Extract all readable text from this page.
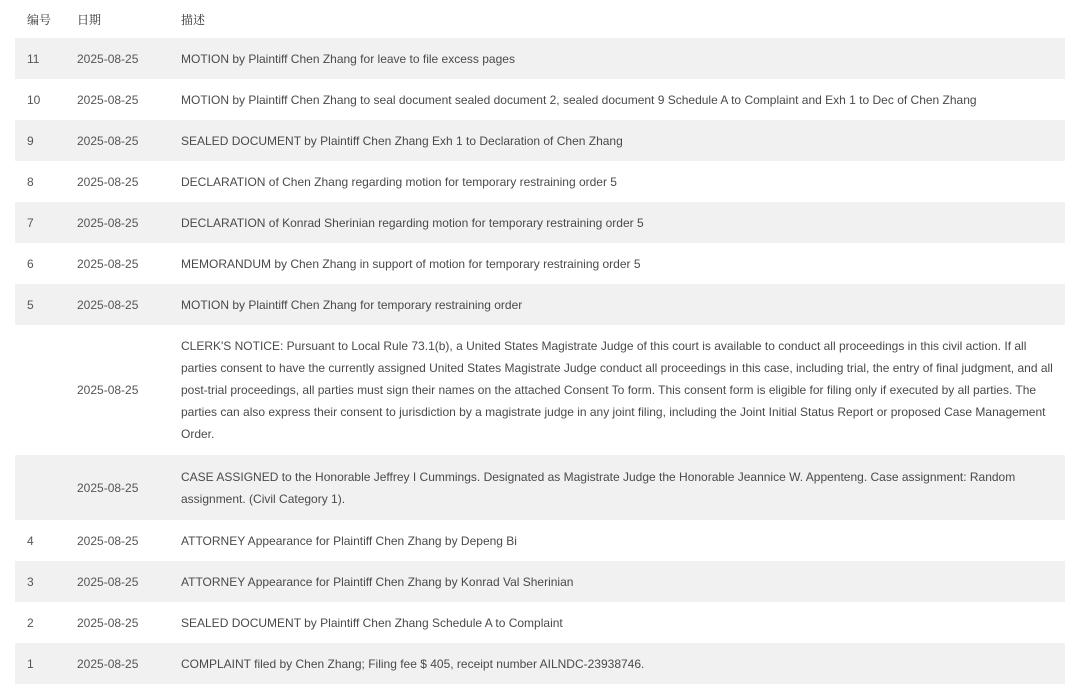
编号	日期	描述
11	2025-08-25	MOTION by Plaintiff Chen Zhang for leave to file excess pages
10	2025-08-25	MOTION by Plaintiff Chen Zhang to seal document sealed document 2, sealed document 9 Schedule A to Complaint and Exh 1 to Dec of Chen Zhang
9	2025-08-25	SEALED DOCUMENT by Plaintiff Chen Zhang Exh 1 to Declaration of Chen Zhang
8	2025-08-25	DECLARATION of Chen Zhang regarding motion for temporary restraining order 5
7	2025-08-25	DECLARATION of Konrad Sherinian regarding motion for temporary restraining order 5
6	2025-08-25	MEMORANDUM by Chen Zhang in support of motion for temporary restraining order 5
5	2025-08-25	MOTION by Plaintiff Chen Zhang for temporary restraining order
	2025-08-25	CLERK'S NOTICE: Pursuant to Local Rule 73.1(b), a United States Magistrate Judge of this court is available to conduct all proceedings in this civil action. If all parties consent to have the currently assigned United States Magistrate Judge conduct all proceedings in this case, including trial, the entry of final judgment, and all post-trial proceedings, all parties must sign their names on the attached Consent To form. This consent form is eligible for filing only if executed by all parties. The parties can also express their consent to jurisdiction by a magistrate judge in any joint filing, including the Joint Initial Status Report or proposed Case Management Order.
	2025-08-25	CASE ASSIGNED to the Honorable Jeffrey I Cummings. Designated as Magistrate Judge the Honorable Jeannice W. Appenteng. Case assignment: Random assignment. (Civil Category 1).
4	2025-08-25	ATTORNEY Appearance for Plaintiff Chen Zhang by Depeng Bi
3	2025-08-25	ATTORNEY Appearance for Plaintiff Chen Zhang by Konrad Val Sherinian
2	2025-08-25	SEALED DOCUMENT by Plaintiff Chen Zhang Schedule A to Complaint
1	2025-08-25	COMPLAINT filed by Chen Zhang; Filing fee $ 405, receipt number AILNDC-23938746.
